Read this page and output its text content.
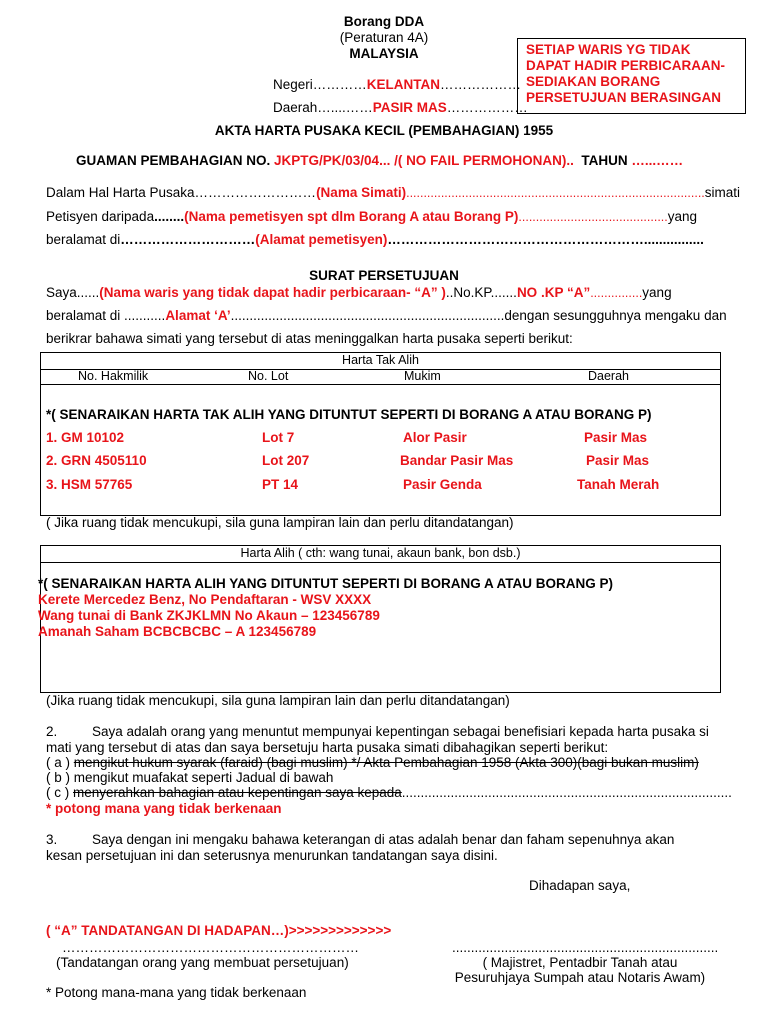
Borang DDA
(Peraturan 4A)
MALAYSIA	SETIAP WARIS YG TIDAK DAPAT HADIR PERBICARAAN- SEDIAKAN BORANG PERSETUJUAN BERASINGAN
Negeri…………KELANTAN………………
Daerah…....……PASIR MAS………………
AKTA HARTA PUSAKA KECIL (PEMBAHAGIAN) 1955
GUAMAN PEMBAHAGIAN NO. JKPTG/PK/03/04... /( NO FAIL PERMOHONAN).. TAHUN …...……
Dalam Hal Harta Pusaka………………………(Nama Simati)......................................................................................simati
Petisyen daripada........(Nama pemetisyen spt dlm Borang A atau Borang P)...........................................yang
beralamat di…………………………(Alamat pemetisyen)…………………………………………………................
SURAT PERSETUJUAN
Saya......(Nama waris yang tidak dapat hadir perbicaraan- “A” )..No.KP.......NO .KP “A”...............yang
beralamat di ...........Alamat ‘A’.........................................................................dengan sesungguhnya mengaku dan
berikrar bahawa simati yang tersebut di atas meninggalkan harta pusaka seperti berikut:
Harta Tak Alih
No. Hakmilik	No. Lot	Mukim	Daerah
*( SENARAIKAN HARTA TAK ALIH YANG DITUNTUT SEPERTI DI BORANG A ATAU BORANG P)
1. GM 10102	Lot 7	Alor Pasir	Pasir Mas
2. GRN 4505110	Lot 207	Bandar Pasir Mas	Pasir Mas
3. HSM 57765	PT 14	Pasir Genda	Tanah Merah
( Jika ruang tidak mencukupi, sila guna lampiran lain dan perlu ditandatangan)
Harta Alih ( cth: wang tunai, akaun bank, bon dsb.)
*( SENARAIKAN HARTA ALIH YANG DITUNTUT SEPERTI DI BORANG A ATAU BORANG P)
Kerete Mercedez Benz, No Pendaftaran - WSV XXXX
Wang tunai di Bank ZKJKLMN No Akaun – 123456789
Amanah Saham BCBCBCBC – A 123456789
(Jika ruang tidak mencukupi, sila guna lampiran lain dan perlu ditandatangan)
2.	Saya adalah orang yang menuntut mempunyai kepentingan sebagai benefisiari kepada harta pusaka si
mati yang tersebut di atas dan saya bersetuju harta pusaka simati dibahagikan seperti berikut:
( a ) mengikut hukum syarak (faraid) (bagi muslim) */ Akta Pembahagian 1958 (Akta 300)(bagi bukan muslim)
( b ) mengikut muafakat seperti Jadual di bawah
( c ) menyerahkan bahagian atau kepentingan saya kepada........................................................................................
* potong mana yang tidak berkenaan
3.	Saya dengan ini mengaku bahawa keterangan di atas adalah benar dan faham sepenuhnya akan
kesan persetujuan ini dan seterusnya menurunkan tandatangan saya disini.
Dihadapan saya,
( “A” TANDATANGAN DI HADAPAN…)>>>>>>>>>>>>>
…………………………………………………………	.......................................................................
(Tandatangan orang yang membuat persetujuan)	( Majistret, Pentadbir Tanah atau
Pesuruhjaya Sumpah atau Notaris Awam)
* Potong mana-mana yang tidak berkenaan
